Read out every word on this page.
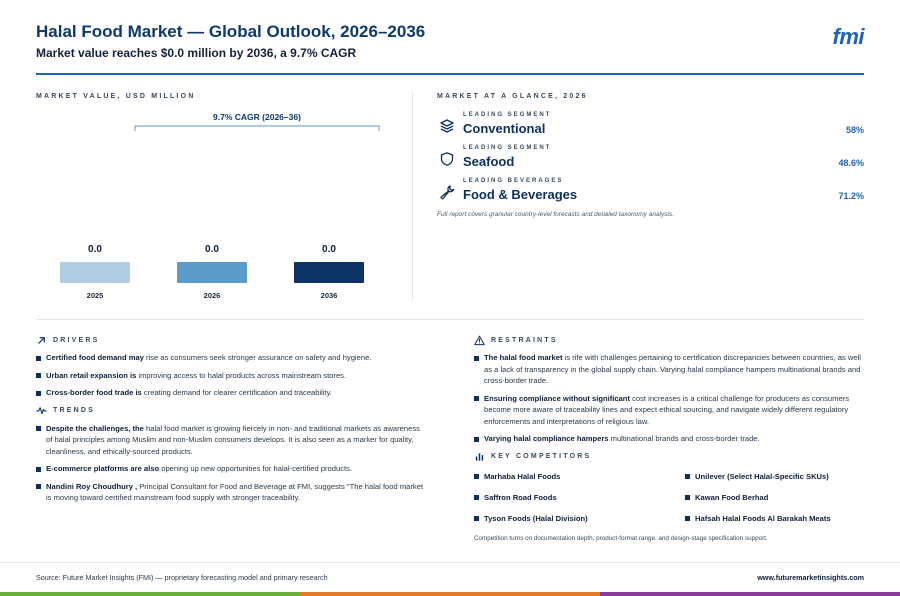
Halal Food Market — Global Outlook, 2026–2036
Market value reaches $0.0 million by 2036, a 9.7% CAGR
fmi
9.7% CAGR (2026–36)
0.0
2025
0.0
2026
0.0
2036
MARKET VALUE, USD MILLION	MARKET AT A GLANCE, 2026
LEADING SEGMENT
Conventional	58%
LEADING SEGMENT
Seafood	48.6%
LEADING BEVERAGES
Food & Beverages	71.2%
Full report covers granular country-level forecasts and detailed taxonomy analysis.
DRIVERS
Certified food demand may rise as consumers seek stronger assurance on safety and hygiene.
Urban retail expansion is improving access to halal products across mainstream stores.
Cross-border food trade is creating demand for clearer certification and traceability.
TRENDS
Despite the challenges, the halal food market is growing fiercely in non- and traditional markets as awareness of halal principles among Muslim and non-Muslim consumers develops. It is also seen as a marker for quality, cleanliness, and ethically-sourced products.
E-commerce platforms are also opening up new opportunities for halal-certified products.
Nandini Roy Choudhury , Principal Consultant for Food and Beverage at FMI, suggests "The halal food market is moving toward certified mainstream food supply with stronger traceability.
RESTRAINTS
The halal food market is rife with challenges pertaining to certification discrepancies between countries, as well as a lack of transparency in the global supply chain. Varying halal compliance hampers multinational brands and cross-border trade.
Ensuring compliance without significant cost increases is a critical challenge for producers as consumers become more aware of traceability lines and expect ethical sourcing, and navigate widely different regulatory enforcements and interpretations of religious law.
Varying halal compliance hampers multinational brands and cross-border trade.
KEY COMPETITORS
Marhaba Halal Foods	Unilever (Select Halal-Specific SKUs)
Saffron Road Foods	Kawan Food Berhad
Tyson Foods (Halal Division)	Hafsah Halal Foods Al Barakah Meats
Competition turns on documentation depth, product-format range, and design-stage specification support.
Source: Future Market Insights (FMI) — proprietary forecasting model and primary research	www.futuremarketinsights.com
